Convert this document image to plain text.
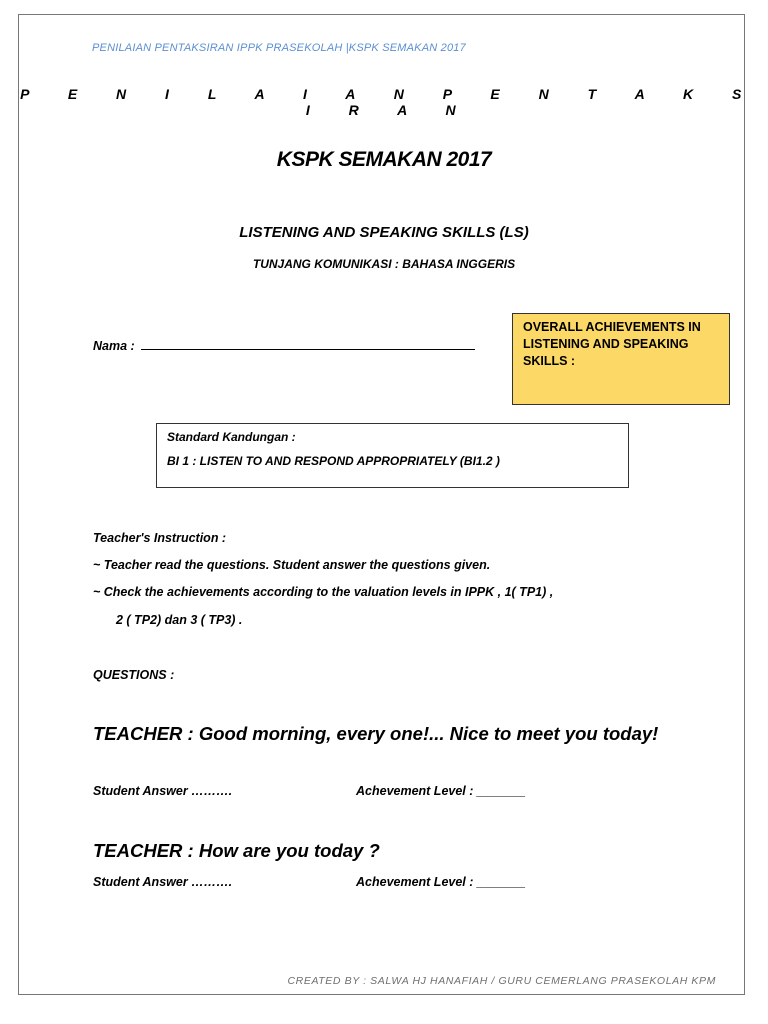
PENILAIAN PENTAKSIRAN IPPK PRASEKOLAH |KSPK SEMAKAN 2017
P E N I L A I A N P E N T A K S I R A N
KSPK SEMAKAN 2017
LISTENING AND SPEAKING SKILLS (LS)
TUNJANG KOMUNIKASI : BAHASA INGGERIS
Nama :
OVERALL ACHIEVEMENTS IN LISTENING AND SPEAKING SKILLS :
Standard Kandungan :
BI 1 : LISTEN TO AND RESPOND APPROPRIATELY (BI1.2 )
Teacher's Instruction :
~ Teacher read the questions. Student answer the questions given.
~ Check the achievements according to the valuation levels in IPPK , 1( TP1) ,
2 ( TP2) dan 3 ( TP3) .
QUESTIONS :
TEACHER : Good morning, every one!... Nice to meet you today!
Student Answer ……….	Achevement Level : _______
TEACHER : How are you today ?
Student Answer ……….	Achevement Level : _______
CREATED BY : SALWA HJ HANAFIAH / GURU CEMERLANG PRASEKOLAH KPM
